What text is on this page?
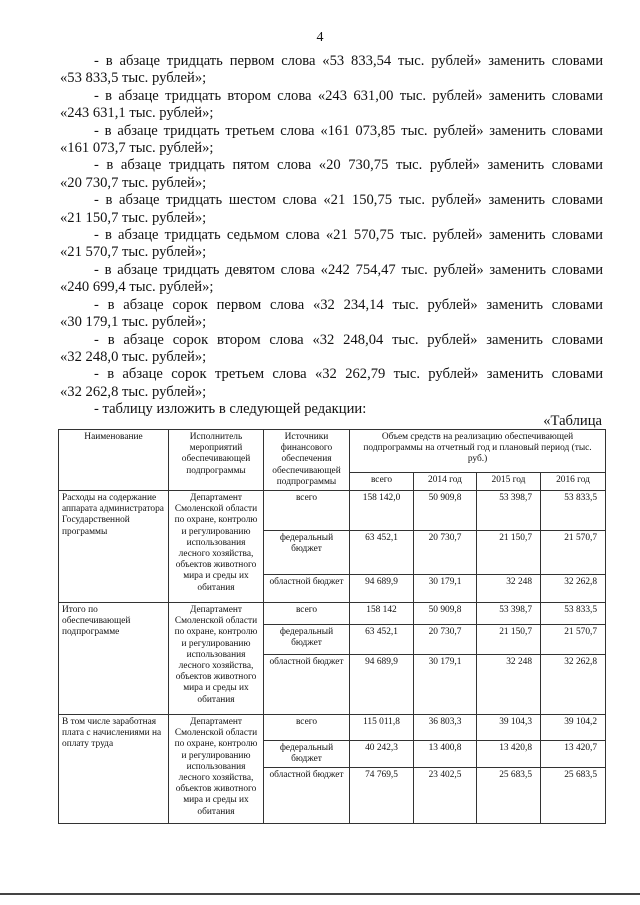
4
- в абзаце тридцать первом слова «53 833,54 тыс. рублей» заменить словами
«53 833,5 тыс. рублей»;
- в абзаце тридцать втором слова «243 631,00 тыс. рублей» заменить словами
«243 631,1 тыс. рублей»;
- в абзаце тридцать третьем слова «161 073,85 тыс. рублей» заменить словами
«161 073,7 тыс. рублей»;
- в абзаце тридцать пятом слова «20 730,75 тыс. рублей» заменить словами
«20 730,7 тыс. рублей»;
- в абзаце тридцать шестом слова «21 150,75 тыс. рублей» заменить словами
«21 150,7 тыс. рублей»;
- в абзаце тридцать седьмом слова «21 570,75 тыс. рублей» заменить словами
«21 570,7 тыс. рублей»;
- в абзаце тридцать девятом слова «242 754,47 тыс. рублей» заменить словами
«240 699,4 тыс. рублей»;
- в абзаце сорок первом слова «32 234,14 тыс. рублей» заменить словами
«30 179,1 тыс. рублей»;
- в абзаце сорок втором слова «32 248,04 тыс. рублей» заменить словами
«32 248,0 тыс. рублей»;
- в абзаце сорок третьем слова «32 262,79 тыс. рублей» заменить словами
«32 262,8 тыс. рублей»;
- таблицу изложить в следующей редакции:
«Таблица
Наименование	Исполнитель мероприятий обеспечивающей подпрограммы	Источники финансового обеспечения обеспечивающей подпрограммы	Объем средств на реализацию обеспечивающей подпрограммы на отчетный год и плановый период (тыс. руб.)			
			всего	2014 год	2015 год	2016 год
Расходы на содержание аппарата администратора Государственной программы	Департамент Смоленской области по охране, контролю и регулированию использования лесного хозяйства, объектов животного мира и среды их обитания	всего	158 142,0	50 909,8	53 398,7	53 833,5
		федеральный бюджет	63 452,1	20 730,7	21 150,7	21 570,7
		областной бюджет	94 689,9	30 179,1	32 248	32 262,8
Итого по обеспечивающей подпрограмме	Департамент Смоленской области по охране, контролю и регулированию использования лесного хозяйства, объектов животного мира и среды их обитания	всего	158 142	50 909,8	53 398,7	53 833,5
		федеральный бюджет	63 452,1	20 730,7	21 150,7	21 570,7
		областной бюджет	94 689,9	30 179,1	32 248	32 262,8
В том числе заработная плата с начислениями на оплату труда	Департамент Смоленской области по охране, контролю и регулированию использования лесного хозяйства, объектов животного мира и среды их обитания	всего	115 011,8	36 803,3	39 104,3	39 104,2
		федеральный бюджет	40 242,3	13 400,8	13 420,8	13 420,7
		областной бюджет	74 769,5	23 402,5	25 683,5	25 683,5
